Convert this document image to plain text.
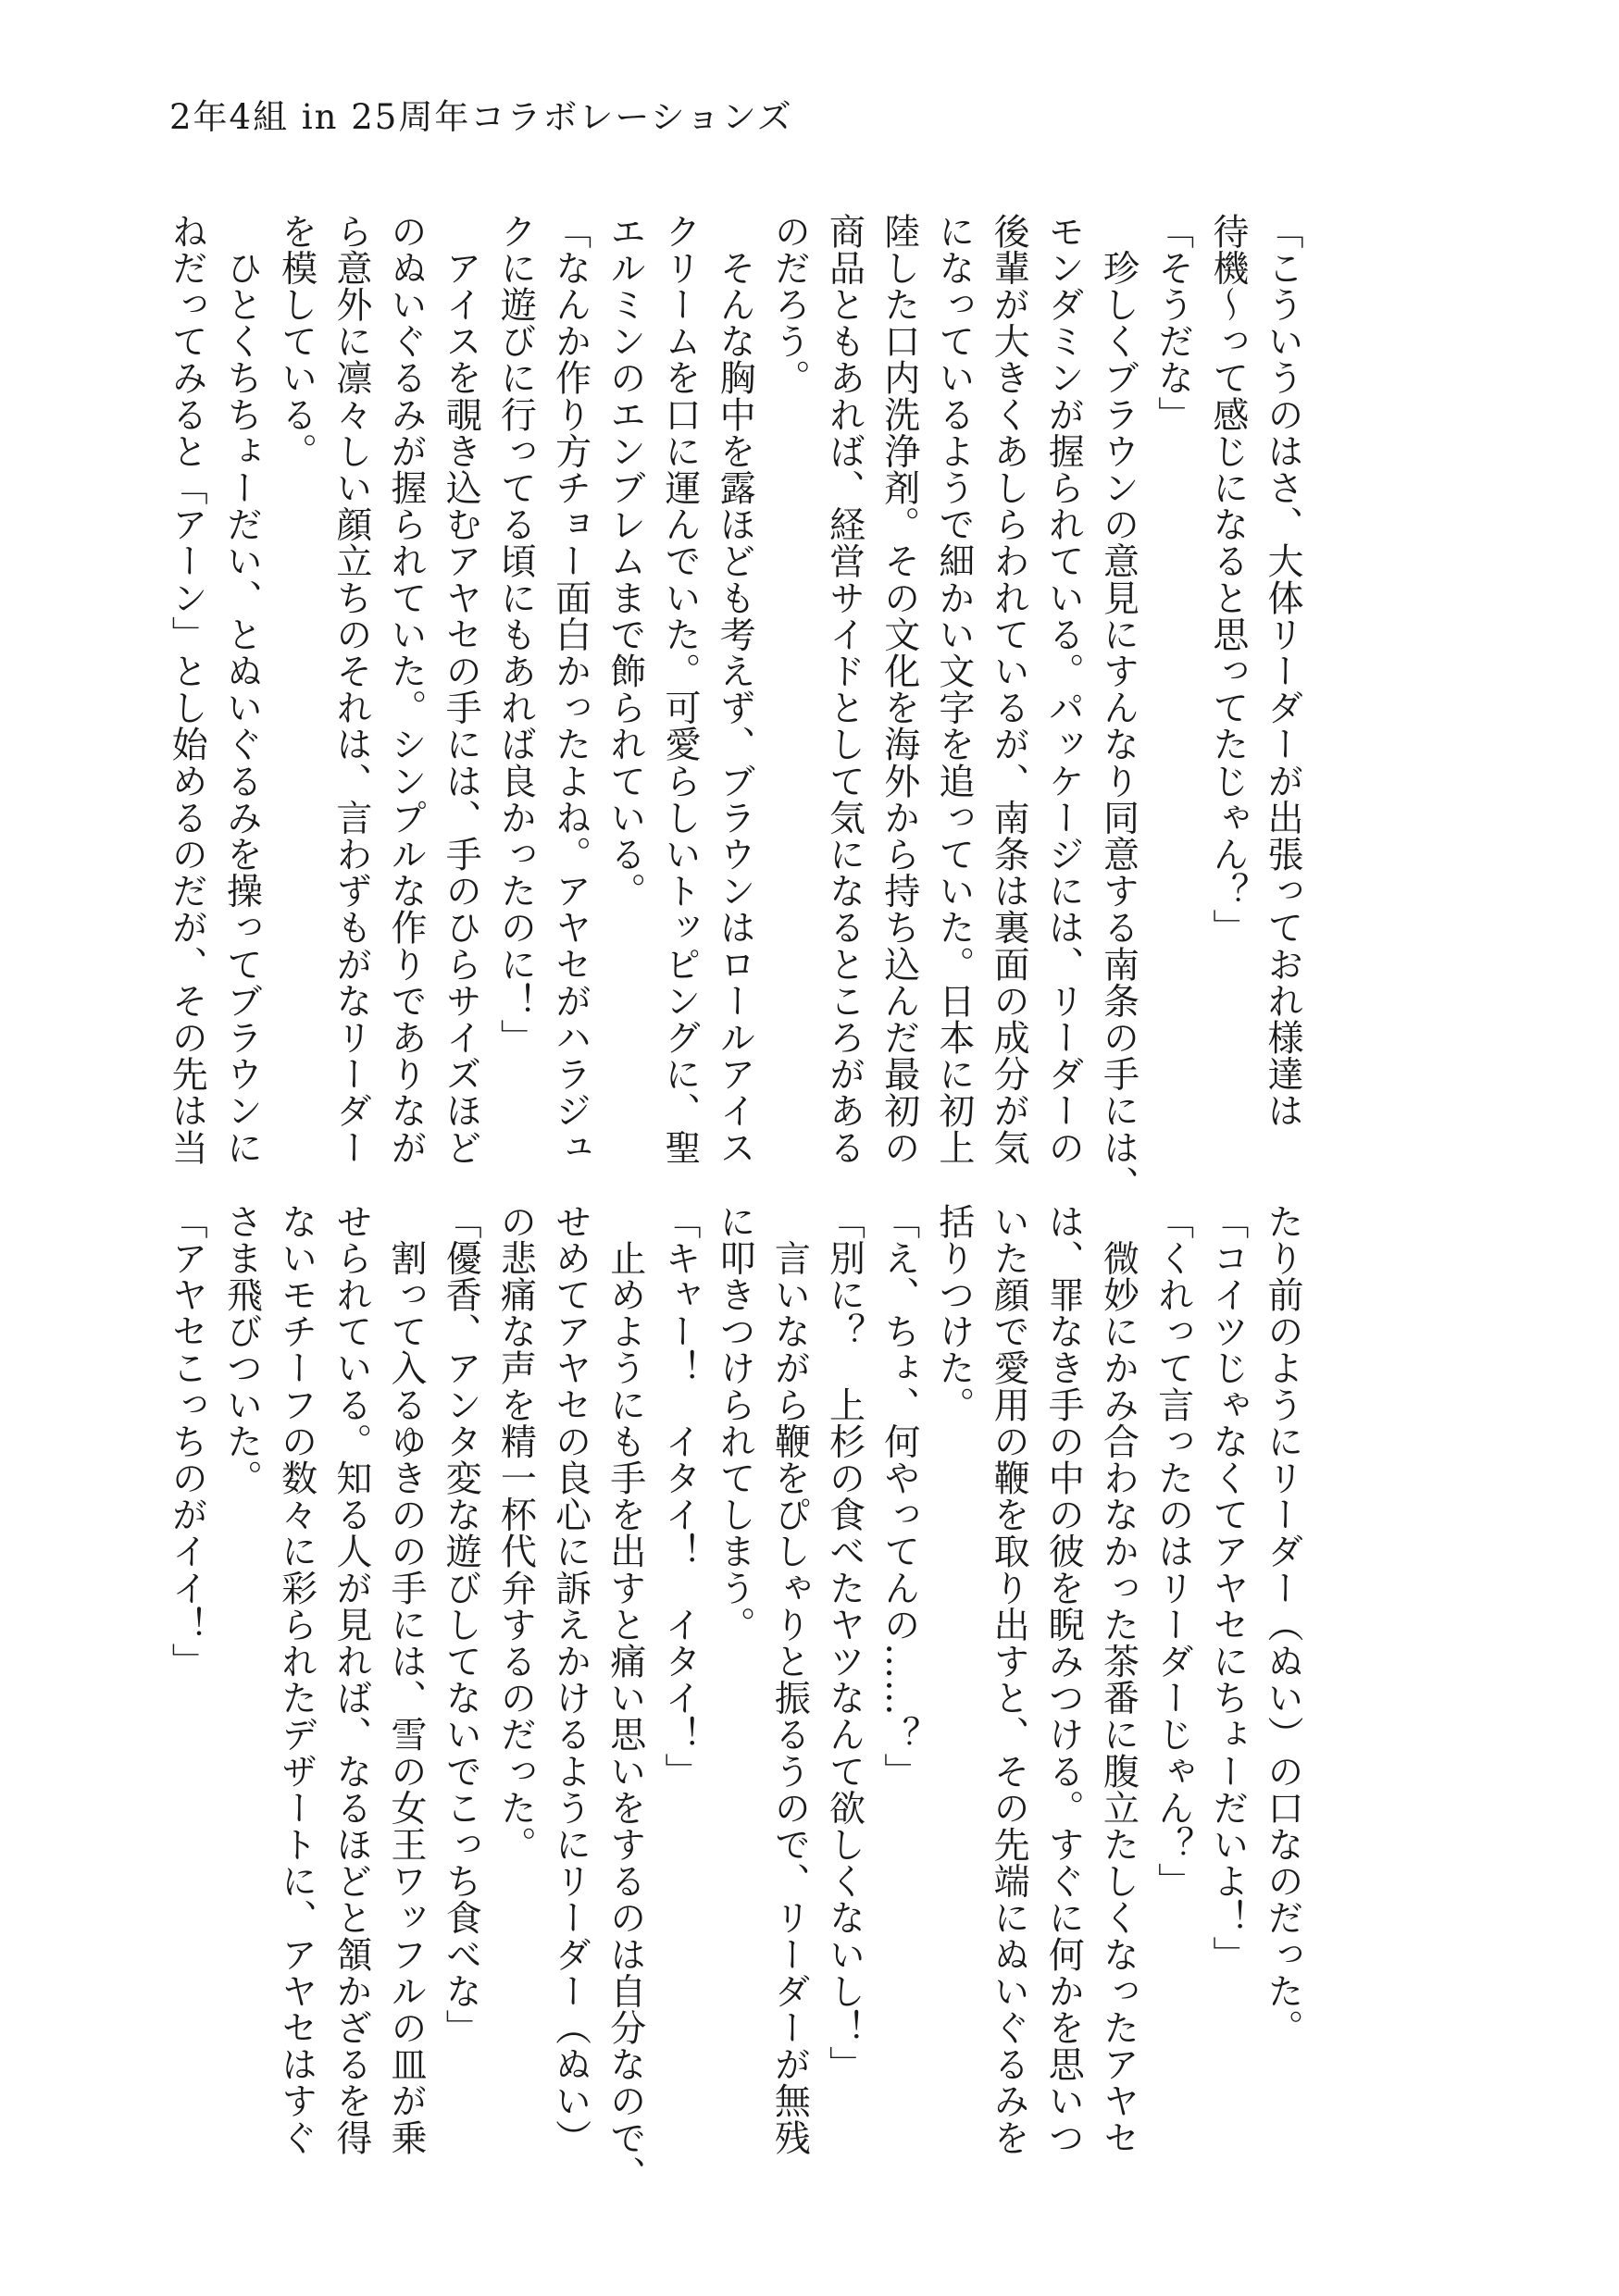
2年4組 in 25周年コラボレーションズ
「こういうのはさ、大体リーダーが出張っておれ様達は
待機〜って感じになると思ってたじゃん？」
「そうだな」
　珍しくブラウンの意見にすんなり同意する南条の手には、
モンダミンが握られている。パッケージには、リーダーの
後輩が大きくあしらわれているが、南条は裏面の成分が気
になっているようで細かい文字を追っていた。日本に初上
陸した口内洗浄剤。その文化を海外から持ち込んだ最初の
商品ともあれば、経営サイドとして気になるところがある
のだろう。
　そんな胸中を露ほども考えず、ブラウンはロールアイス
クリームを口に運んでいた。可愛らしいトッピングに、聖
エルミンのエンブレムまで飾られている。
「なんか作り方チョー面白かったよね。アヤセがハラジュ
クに遊びに行ってる頃にもあれば良かったのに！」
　アイスを覗き込むアヤセの手には、手のひらサイズほど
のぬいぐるみが握られていた。シンプルな作りでありなが
ら意外に凛々しい顔立ちのそれは、言わずもがなリーダー
を模している。
　ひとくちちょーだい、とぬいぐるみを操ってブラウンに
ねだってみると「アーン」とし始めるのだが、その先は当
たり前のようにリーダー（ぬい）の口なのだった。
「コイツじゃなくてアヤセにちょーだいよ！」
「くれって言ったのはリーダーじゃん？」
　微妙にかみ合わなかった茶番に腹立たしくなったアヤセ
は、罪なき手の中の彼を睨みつける。すぐに何かを思いつ
いた顔で愛用の鞭を取り出すと、その先端にぬいぐるみを
括りつけた。
「え、ちょ、何やってんの……？」
「別に？　上杉の食べたヤツなんて欲しくないし！」
　言いながら鞭をぴしゃりと振るうので、リーダーが無残
に叩きつけられてしまう。
「キャー！　イタイ！　イタイ！」
　止めようにも手を出すと痛い思いをするのは自分なので、
せめてアヤセの良心に訴えかけるようにリーダー（ぬい）
の悲痛な声を精一杯代弁するのだった。
「優香、アンタ変な遊びしてないでこっち食べな」
　割って入るゆきのの手には、雪の女王ワッフルの皿が乗
せられている。知る人が見れば、なるほどと頷かざるを得
ないモチーフの数々に彩られたデザートに、アヤセはすぐ
さま飛びついた。
「アヤセこっちのがイイ！」
